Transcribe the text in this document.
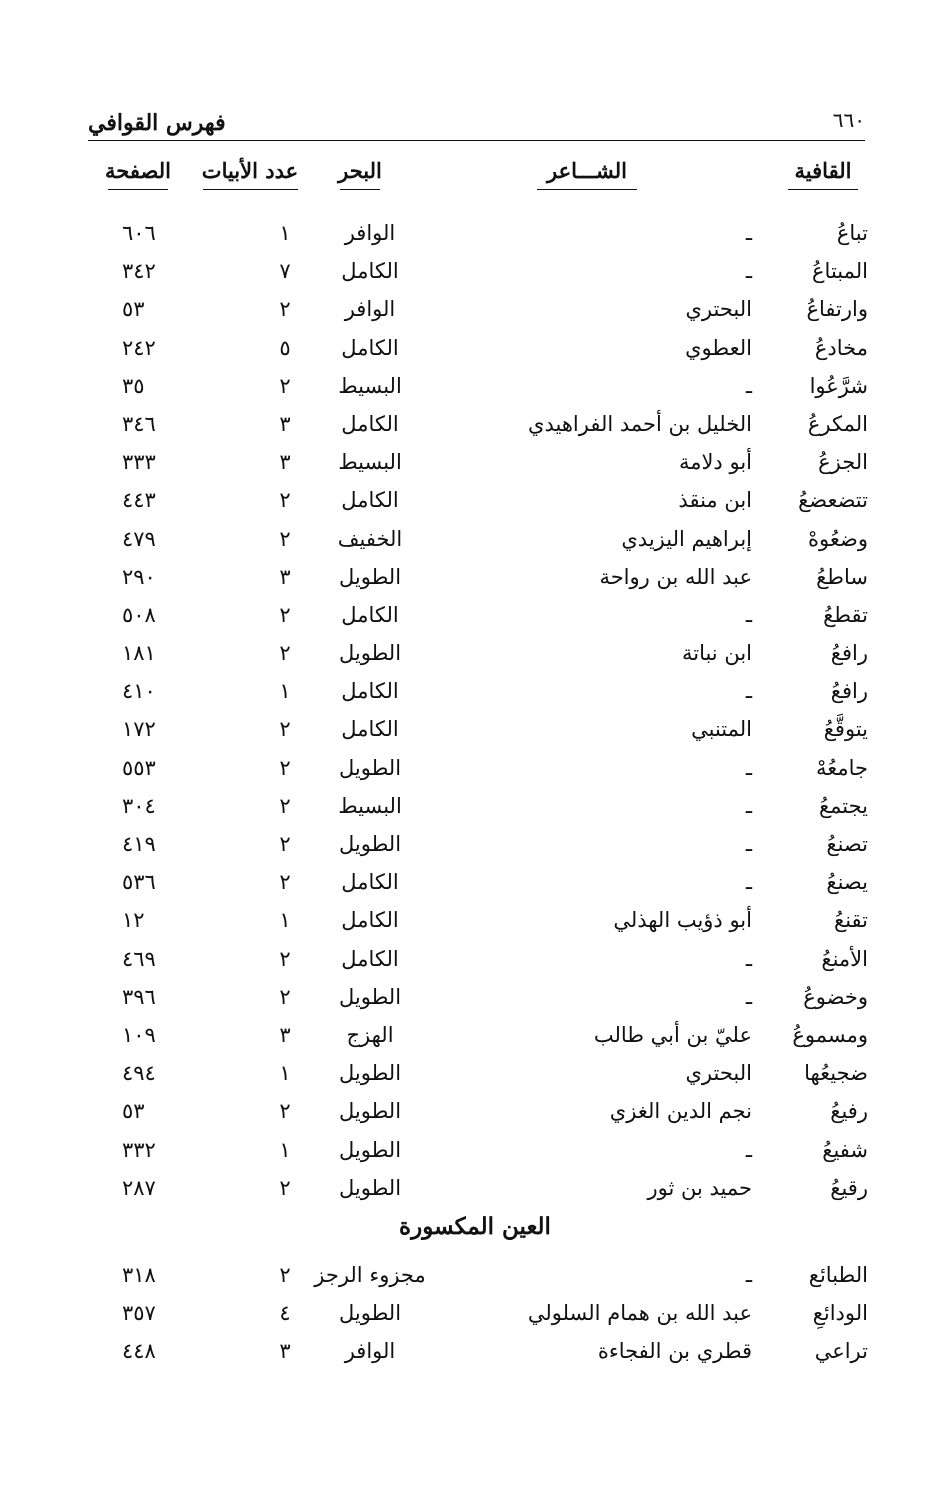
٦٦٠
فهرس القوافي
القافية
الشـــاعر
البحر
عدد الأبيات
الصفحة
تباعُ
ـ
الوافر
١
٦٠٦
المبتاعُ
ـ
الكامل
٧
٣٤٢
وارتفاعُ
البحتري
الوافر
٢
٥٣
مخادعُ
العطوي
الكامل
٥
٢٤٢
شرَّعُوا
ـ
البسيط
٢
٣٥
المكرعُ
الخليل بن أحمد الفراهيدي
الكامل
٣
٣٤٦
الجزعُ
أبو دلامة
البسيط
٣
٣٣٣
تتضعضعُ
ابن منقذ
الكامل
٢
٤٤٣
وضعُوهْ
إبراهيم اليزيدي
الخفيف
٢
٤٧٩
ساطعُ
عبد الله بن رواحة
الطويل
٣
٢٩٠
تقطعُ
ـ
الكامل
٢
٥٠٨
رافعُ
ابن نباتة
الطويل
٢
١٨١
رافعُ
ـ
الكامل
١
٤١٠
يتوقَّعُ
المتنبي
الكامل
٢
١٧٢
جامعُهْ
ـ
الطويل
٢
٥٥٣
يجتمعُ
ـ
البسيط
٢
٣٠٤
تصنعُ
ـ
الطويل
٢
٤١٩
يصنعُ
ـ
الكامل
٢
٥٣٦
تقنعُ
أبو ذؤيب الهذلي
الكامل
١
١٢
الأمنعُ
ـ
الكامل
٢
٤٦٩
وخضوعُ
ـ
الطويل
٢
٣٩٦
ومسموعُ
عليّ بن أبي طالب
الهزج
٣
١٠٩
ضجيعُها
البحتري
الطويل
١
٤٩٤
رفيعُ
نجم الدين الغزي
الطويل
٢
٥٣
شفيعُ
ـ
الطويل
١
٣٣٢
رقيعُ
حميد بن ثور
الطويل
٢
٢٨٧
العين المكسورة
الطبائع
ـ
مجزوء الرجز
٢
٣١٨
الودائعِ
عبد الله بن همام السلولي
الطويل
٤
٣٥٧
تراعي
قطري بن الفجاءة
الوافر
٣
٤٤٨
